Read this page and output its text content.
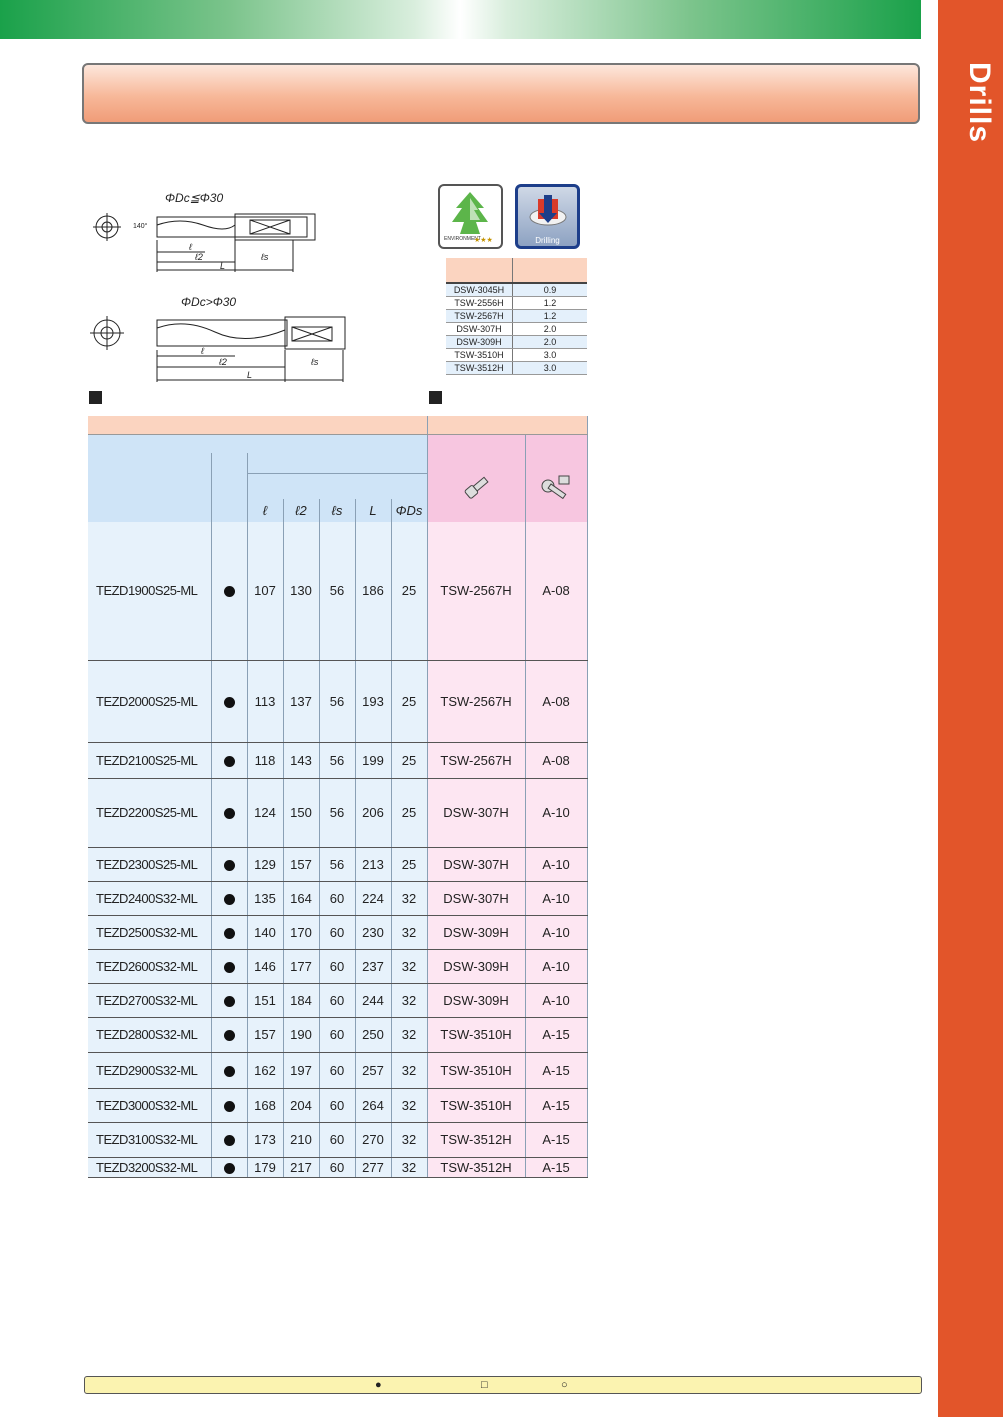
Drills
ΦDc≦Φ30
ΦDc>Φ30
140°
ℓ
ℓ2	ℓs
L
ℓ
ℓ2	ℓs
L
ENVIRONMENT
★★★	Drilling

DSW-3045H	0.9
TSW-2556H	1.2
TSW-2567H	1.2
DSW-307H	2.0
DSW-309H	2.0
TSW-3510H	3.0
TSW-3512H	3.0

		ℓ	ℓ2	ℓs	L	ΦDs		
TEZD1900S25-ML		107	130	56	186	25	TSW-2567H	A-08
TEZD2000S25-ML		113	137	56	193	25	TSW-2567H	A-08
TEZD2100S25-ML		118	143	56	199	25	TSW-2567H	A-08
TEZD2200S25-ML		124	150	56	206	25	DSW-307H	A-10
TEZD2300S25-ML		129	157	56	213	25	DSW-307H	A-10
TEZD2400S32-ML		135	164	60	224	32	DSW-307H	A-10
TEZD2500S32-ML		140	170	60	230	32	DSW-309H	A-10
TEZD2600S32-ML		146	177	60	237	32	DSW-309H	A-10
TEZD2700S32-ML		151	184	60	244	32	DSW-309H	A-10
TEZD2800S32-ML		157	190	60	250	32	TSW-3510H	A-15
TEZD2900S32-ML		162	197	60	257	32	TSW-3510H	A-15
TEZD3000S32-ML		168	204	60	264	32	TSW-3510H	A-15
TEZD3100S32-ML		173	210	60	270	32	TSW-3512H	A-15
TEZD3200S32-ML		179	217	60	277	32	TSW-3512H	A-15
●	□	○
